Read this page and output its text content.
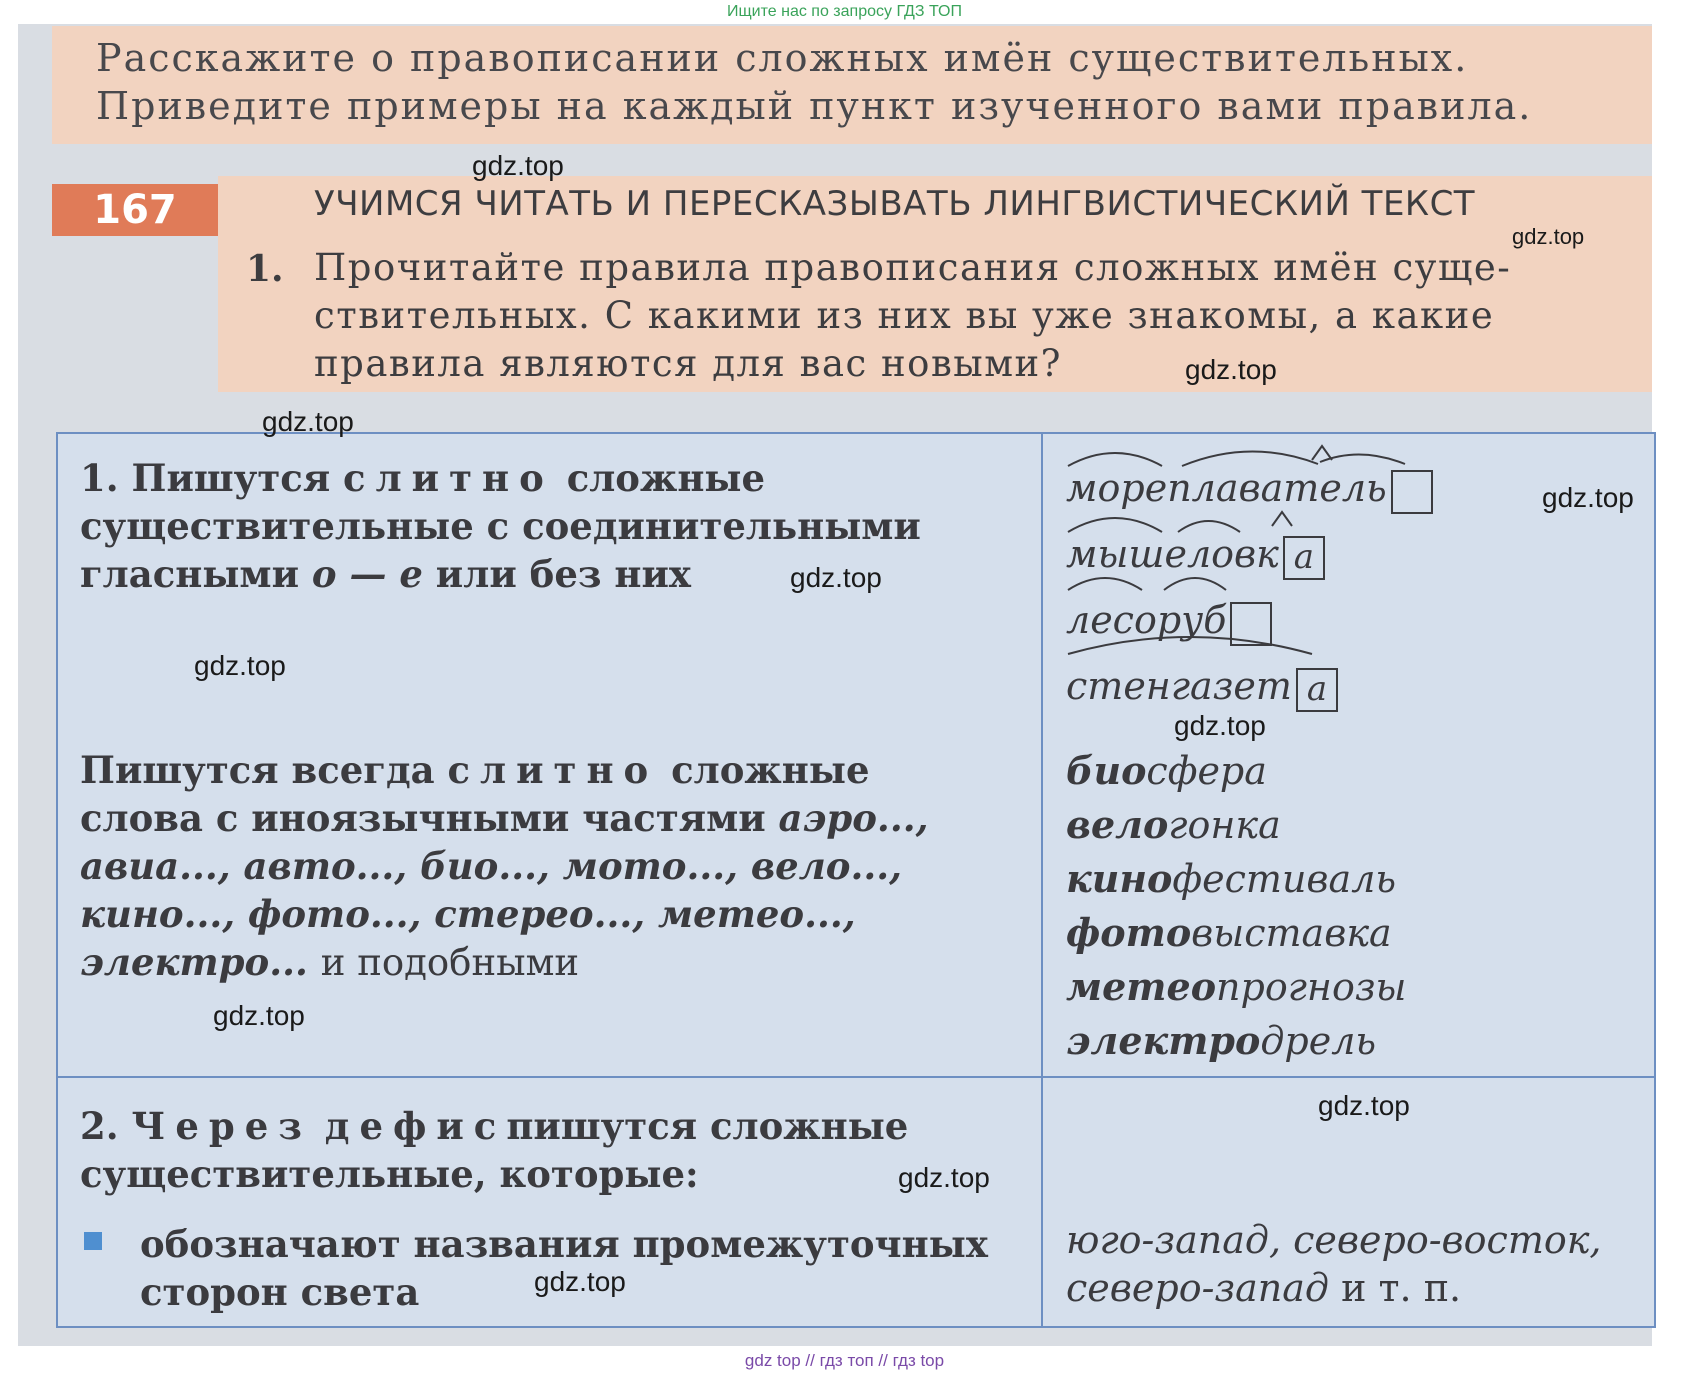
Ищите нас по запросу ГДЗ ТОП
Расскажите о правописании сложных имён существительных.
Приведите примеры на каждый пункт изученного вами правила.
167	УЧИМСЯ ЧИТАТЬ И ПЕРЕСКАЗЫВАТЬ ЛИНГВИСТИЧЕСКИЙ ТЕКСТ
1. Прочитайте правила правописания сложных имён суще-
ствительных. С какими из них вы уже знакомы, а какие
правила являются для вас новыми?
1. Пишутся слитно сложные
существительные с соединительными
гласными о — е или без них
Пишутся всегда слитно сложные
слова с иноязычными частями аэро...,
авиа..., авто..., био..., мото..., вело...,
кино..., фото..., стерео..., метео...,
электро... и подобными
мореплаватель
мышеловк а
лесоруб
стенгазет а
биосфера
велогонка
кинофестиваль
фотовыставка
метеопрогнозы
электродрель
2. Через дефиспишутся сложные
существительные, которые:
обозначают названия промежуточных
сторон света
юго-запад, северо-восток,
северо-запад и т. п.
gdz.top
gdz.top
gdz.top
gdz.top
gdz.top
gdz.top
gdz.top
gdz.top
gdz.top
gdz.top
gdz.top
gdz.top
gdz top // гдз топ // гдз top
